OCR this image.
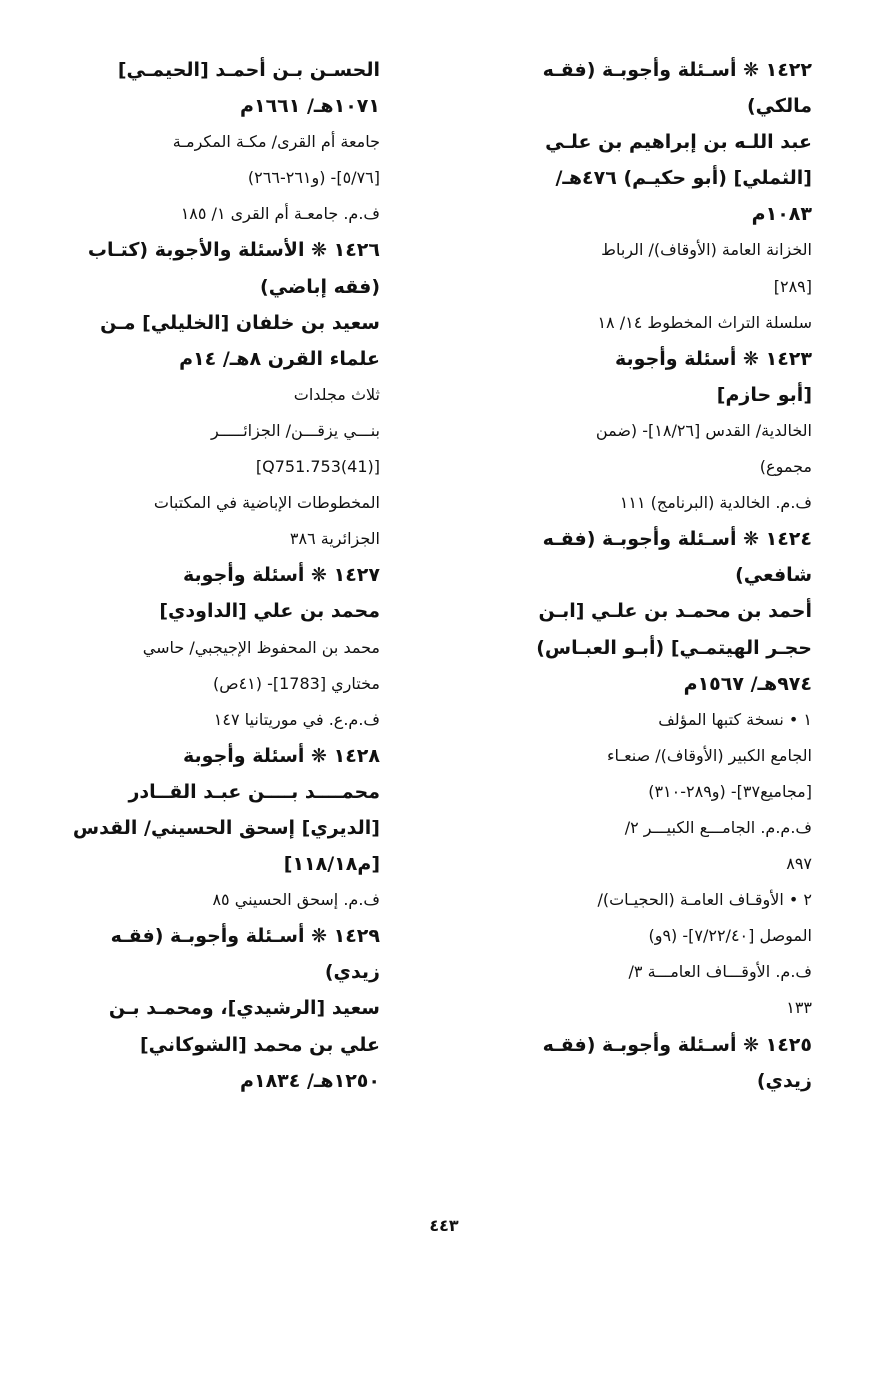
١٤٢٢ ❋ أسـئلة وأجوبـة (فقـه
مالكي)
عبد اللـه بن إبراهيم بن علـي
[الثملي] (أبو حكيـم) ٤٧٦هـ/
١٠٨٣م
الخزانة العامة (الأوقاف)/ الرباط
[٢٨٩]
سلسلة التراث المخطوط ١٤/ ١٨
١٤٢٣ ❋ أسئلة وأجوبة
[أبو حازم]
الخالدية/ القدس [١٨/٢٦]- (ضمن
مجموع)
ف.م. الخالدية (البرنامج) ١١١
١٤٢٤ ❋ أسـئلة وأجوبـة (فقـه
شافعي)
أحمد بن محمـد بن علـي [ابـن
حجـر الهيتمـي] (أبـو العبـاس)
٩٧٤هـ/ ١٥٦٧م
١ • نسخة كتبها المؤلف
الجامع الكبير (الأوقاف)/ صنعـاء
[مجاميع٣٧]- (و٢٨٩-٣١٠)
ف.م.م. الجامـــع الكبيـــر ٢/
٨٩٧
٢ • الأوقـاف العامـة (الحجيـات)/
الموصل [٧/٢٢/٤٠]- (٩و)
ف.م. الأوقـــاف العامـــة ٣/
١٣٣
١٤٢٥ ❋ أسـئلة وأجوبـة (فقـه
زيدي)
الحسـن بـن أحمـد [الحيمـي]
١٠٧١هـ/ ١٦٦١م
جامعة أم القرى/ مكـة المكرمـة
[٥/٧٦]- (و٢٦١-٢٦٦)
ف.م. جامعـة أم القرى ١/ ١٨٥
١٤٢٦ ❋ الأسئلة والأجوبة (كتـاب
(فقه إباضي)
سعيد بن خلفان [الخليلي] مـن
علماء القرن ٨هـ/ ١٤م
ثلاث مجلدات
بنـــي يزقـــن/ الجزائـــــر
[(41)Q751.753]
المخطوطات الإباضية في المكتبات
الجزائرية ٣٨٦
١٤٢٧ ❋ أسئلة وأجوبة
محمد بن علي [الداودي]
محمد بن المحفوظ الإجيجبي/ حاسي
مختاري [1783]- (٤١ص)
ف.م.ع. في موريتانيا ١٤٧
١٤٢٨ ❋ أسئلة وأجوبة
محمــــد بــــن عبـد القــادر
[الديري] إسحق الحسيني/ القدس
[م١١٨/١٨]
ف.م. إسحق الحسيني ٨٥
١٤٢٩ ❋ أسـئلة وأجوبـة (فقـه
زيدي)
سعيد [الرشيدي]، ومحمـد بـن
علي بن محمد [الشوكاني]
١٢٥٠هـ/ ١٨٣٤م
٤٤٣
